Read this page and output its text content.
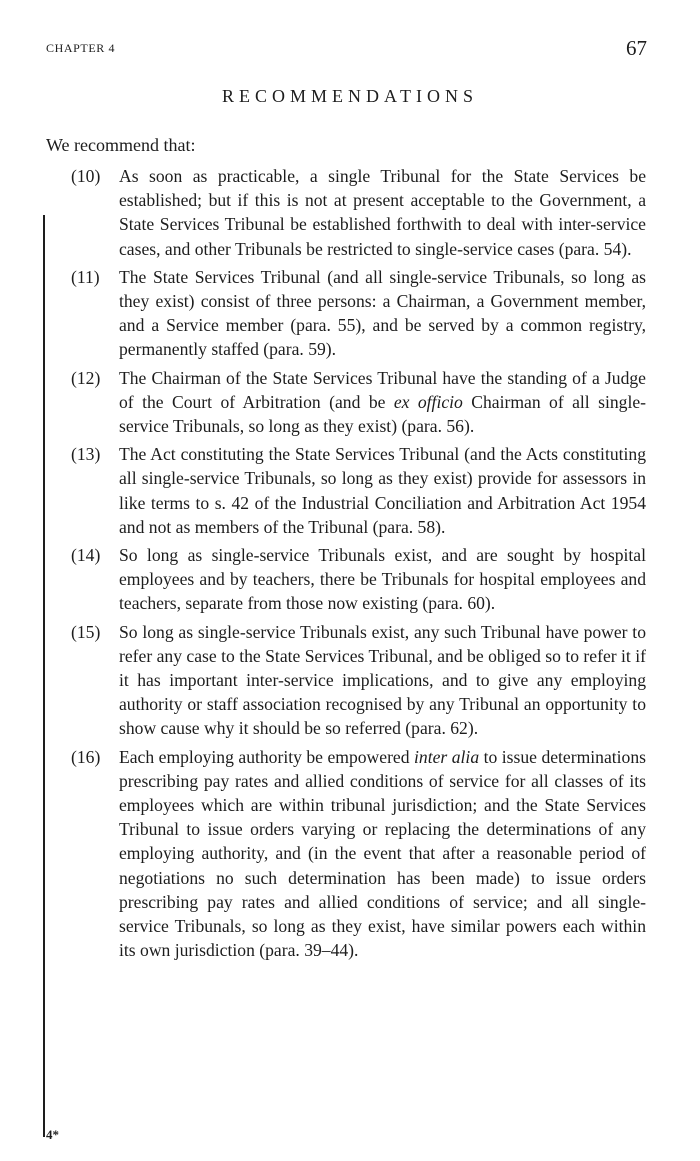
CHAPTER 4	67
RECOMMENDATIONS
We recommend that:
(10) As soon as practicable, a single Tribunal for the State Services be established; but if this is not at present acceptable to the Government, a State Services Tribunal be established forthwith to deal with inter-service cases, and other Tribunals be restricted to single-service cases (para. 54).
(11) The State Services Tribunal (and all single-service Tribunals, so long as they exist) consist of three persons: a Chairman, a Government member, and a Service member (para. 55), and be served by a common registry, permanently staffed (para. 59).
(12) The Chairman of the State Services Tribunal have the standing of a Judge of the Court of Arbitration (and be ex officio Chairman of all single-service Tribunals, so long as they exist) (para. 56).
(13) The Act constituting the State Services Tribunal (and the Acts constituting all single-service Tribunals, so long as they exist) provide for assessors in like terms to s. 42 of the Industrial Conciliation and Arbitration Act 1954 and not as members of the Tribunal (para. 58).
(14) So long as single-service Tribunals exist, and are sought by hospital employees and by teachers, there be Tribunals for hospital employees and teachers, separate from those now existing (para. 60).
(15) So long as single-service Tribunals exist, any such Tribunal have power to refer any case to the State Services Tribunal, and be obliged so to refer it if it has important inter-service implications, and to give any employing authority or staff association recognised by any Tribunal an opportunity to show cause why it should be so referred (para. 62).
(16) Each employing authority be empowered inter alia to issue determinations prescribing pay rates and allied conditions of service for all classes of its employees which are within tribunal jurisdiction; and the State Services Tribunal to issue orders varying or replacing the determinations of any employing authority, and (in the event that after a reasonable period of negotiations no such determination has been made) to issue orders prescribing pay rates and allied conditions of service; and all single-service Tribunals, so long as they exist, have similar powers each within its own jurisdiction (para. 39–44).
4*
